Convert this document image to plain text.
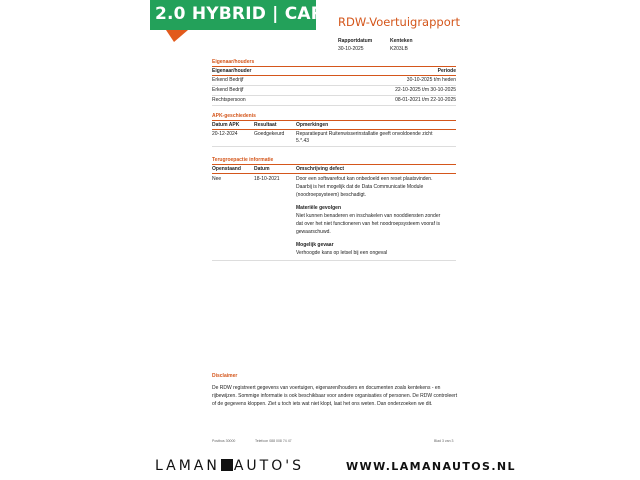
2.0 HYBRID | CARPLAY
RDW-Voertuigrapport
Rapportdatum
30-10-2025
Kenteken
K203LB
Eigenaar/houders
Eigenaar/houder	Periode
Erkend Bedrijf	30-10-2025 t/m heden
Erkend Bedrijf	22-10-2025 t/m 30-10-2025
Rechtspersoon	08-01-2021 t/m 22-10-2025
APK-geschiedenis
Datum APK	Resultaat	Opmerkingen
20-12-2024	Goedgekeurd	Reparatiepunt Ruitenwisserinstallatie geeft onvoldoende zicht 5.*.43
Terugroepactie informatie
Openstaand	Datum	Omschrijving defect
Nee	18-10-2021	Door een softwarefout kan onbedoeld een reset plaatsvinden. Daarbij is het mogelijk dat de Data Communicatie Module (noodroepsysteem) beschadigt.
Materiële gevolgen
Niet kunnen benaderen en inschakelen van nooddiensten zonder dat over het niet functioneren van het noodroepsysteem vooraf is gewaarschuwd.
Mogelijk gevaar
Verhoogde kans op letsel bij een ongeval
Disclaimer
De RDW registreert gegevens van voertuigen, eigenaren/houders en documenten zoals kentekens - en rijbewijzen. Sommige informatie is ook beschikbaar voor andere organisaties of personen. De RDW controleert of de gegevens kloppen. Ziet u toch iets wat niet klopt, laat het ons weten. Dan onderzoeken we dit.
Postbus 30000	Telefoon 088 008 74 47	Blad 3 van 3
LAMAN AUTO'S	WWW.LAMANAUTOS.NL
